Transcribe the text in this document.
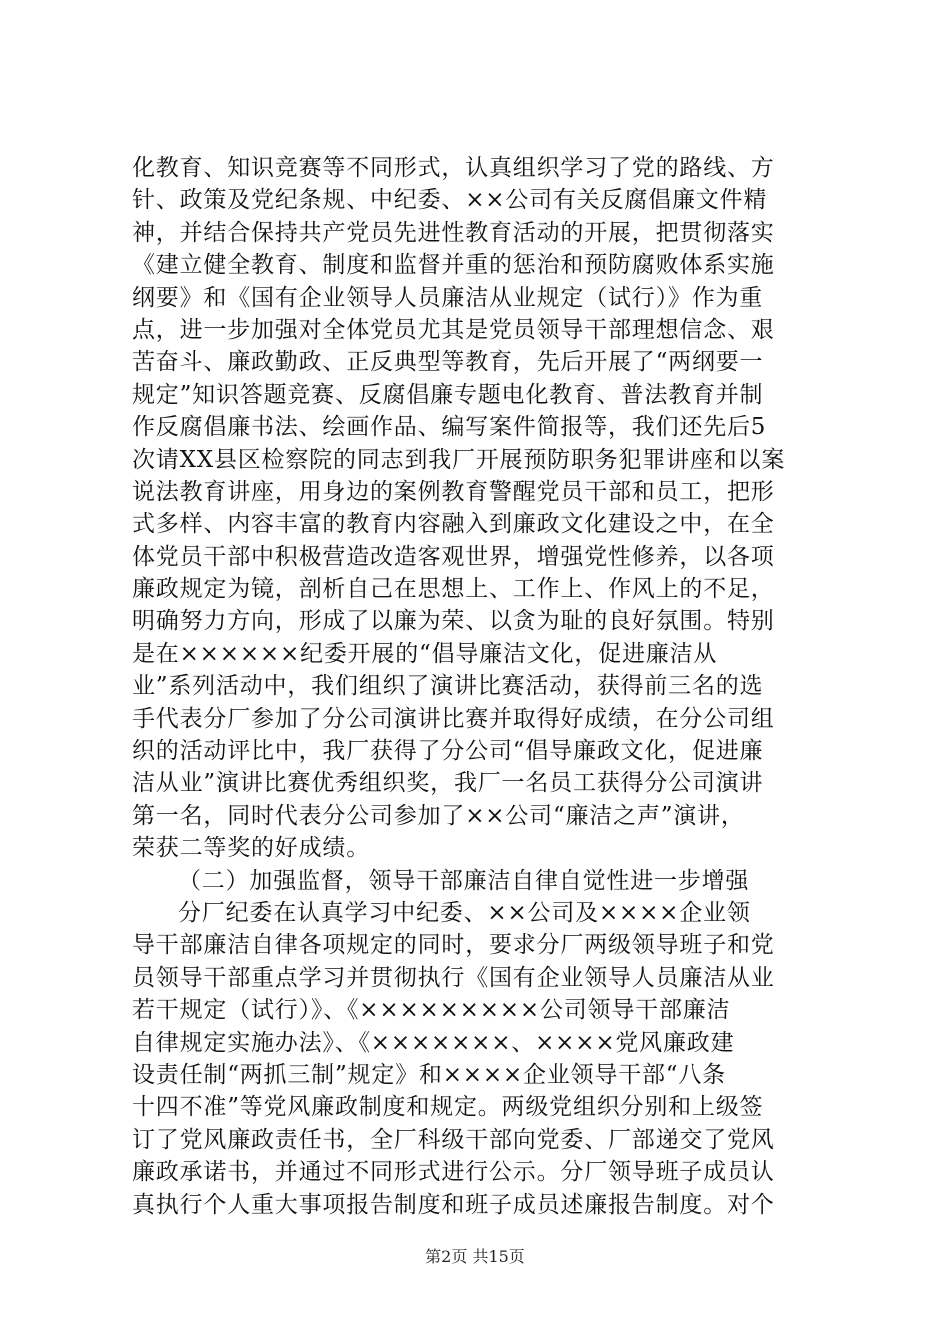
化教育、知识竞赛等不同形式，认真组织学习了党的路线、方
针、政策及党纪条规、中纪委、××公司有关反腐倡廉文件精
神，并结合保持共产党员先进性教育活动的开展，把贯彻落实
《建立健全教育、制度和监督并重的惩治和预防腐败体系实施
纲要》和《国有企业领导人员廉洁从业规定（试行）》作为重
点，进一步加强对全体党员尤其是党员领导干部理想信念、艰
苦奋斗、廉政勤政、正反典型等教育，先后开展了“两纲要一
规定”知识答题竞赛、反腐倡廉专题电化教育、普法教育并制
作反腐倡廉书法、绘画作品、编写案件简报等，我们还先后5
次请XX县区检察院的同志到我厂开展预防职务犯罪讲座和以案
说法教育讲座，用身边的案例教育警醒党员干部和员工，把形
式多样、内容丰富的教育内容融入到廉政文化建设之中，在全
体党员干部中积极营造改造客观世界，增强党性修养，以各项
廉政规定为镜，剖析自己在思想上、工作上、作风上的不足，
明确努力方向，形成了以廉为荣、以贪为耻的良好氛围。特别
是在××××××纪委开展的“倡导廉洁文化，促进廉洁从
业”系列活动中，我们组织了演讲比赛活动，获得前三名的选
手代表分厂参加了分公司演讲比赛并取得好成绩，在分公司组
织的活动评比中，我厂获得了分公司“倡导廉政文化，促进廉
洁从业”演讲比赛优秀组织奖，我厂一名员工获得分公司演讲
第一名，同时代表分公司参加了××公司“廉洁之声”演讲，
荣获二等奖的好成绩。
（二）加强监督，领导干部廉洁自律自觉性进一步增强
分厂纪委在认真学习中纪委、××公司及××××企业领
导干部廉洁自律各项规定的同时，要求分厂两级领导班子和党
员领导干部重点学习并贯彻执行《国有企业领导人员廉洁从业
若干规定（试行）》、《×××××××××公司领导干部廉洁
自律规定实施办法》、《×××××××、××××党风廉政建
设责任制“两抓三制”规定》和××××企业领导干部“八条
十四不准”等党风廉政制度和规定。两级党组织分别和上级签
订了党风廉政责任书，全厂科级干部向党委、厂部递交了党风
廉政承诺书，并通过不同形式进行公示。分厂领导班子成员认
真执行个人重大事项报告制度和班子成员述廉报告制度。对个
第2页 共15页
